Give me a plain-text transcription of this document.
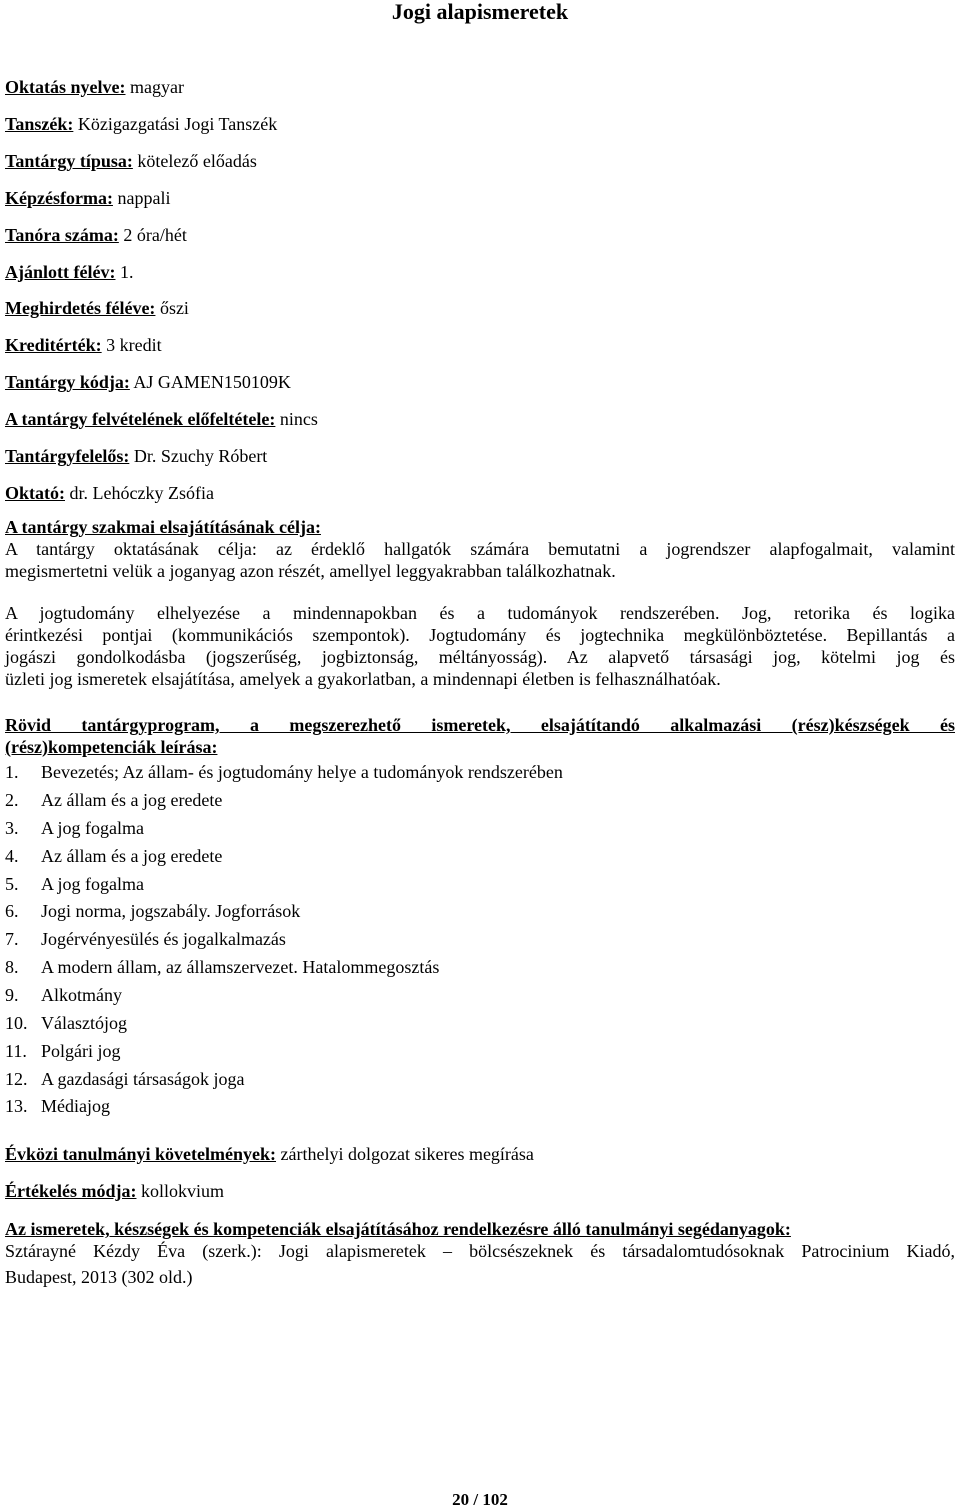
Jogi alapismeretek
Oktatás nyelve: magyar
Tanszék: Közigazgatási Jogi Tanszék
Tantárgy típusa: kötelező előadás
Képzésforma: nappali
Tanóra száma: 2 óra/hét
Ajánlott félév: 1.
Meghirdetés féléve: őszi
Kreditérték: 3 kredit
Tantárgy kódja: AJ GAMEN150109K
A tantárgy felvételének előfeltétele: nincs
Tantárgyfelelős: Dr. Szuchy Róbert
Oktató: dr. Lehóczky Zsófia
A tantárgy szakmai elsajátításának célja:
A tantárgy oktatásának célja: az érdeklő hallgatók számára bemutatni a jogrendszer alapfogalmait, valamint
megismertetni velük a joganyag azon részét, amellyel leggyakrabban találkozhatnak.
A jogtudomány elhelyezése a mindennapokban és a tudományok rendszerében. Jog, retorika és logika
érintkezési pontjai (kommunikációs szempontok). Jogtudomány és jogtechnika megkülönböztetése. Bepillantás a
jogászi gondolkodásba (jogszerűség, jogbiztonság, méltányosság). Az alapvető társasági jog, kötelmi jog és
üzleti jog ismeretek elsajátítása, amelyek a gyakorlatban, a mindennapi életben is felhasználhatóak.
Rövid tantárgyprogram, a megszerezhető ismeretek, elsajátítandó alkalmazási (rész)készségek és
(rész)kompetenciák leírása:
1. Bevezetés; Az állam- és jogtudomány helye a tudományok rendszerében
2. Az állam és a jog eredete
3. A jog fogalma
4. Az állam és a jog eredete
5. A jog fogalma
6. Jogi norma, jogszabály. Jogforrások
7. Jogérvényesülés és jogalkalmazás
8. A modern állam, az államszervezet. Hatalommegosztás
9. Alkotmány
10. Választójog
11. Polgári jog
12. A gazdasági társaságok joga
13. Médiajog
Évközi tanulmányi követelmények: zárthelyi dolgozat sikeres megírása
Értékelés módja: kollokvium
Az ismeretek, készségek és kompetenciák elsajátításához rendelkezésre álló tanulmányi segédanyagok:
Sztárayné Kézdy Éva (szerk.): Jogi alapismeretek – bölcsészeknek és társadalomtudósoknak Patrocinium Kiadó,
Budapest, 2013 (302 old.)
20 / 102
